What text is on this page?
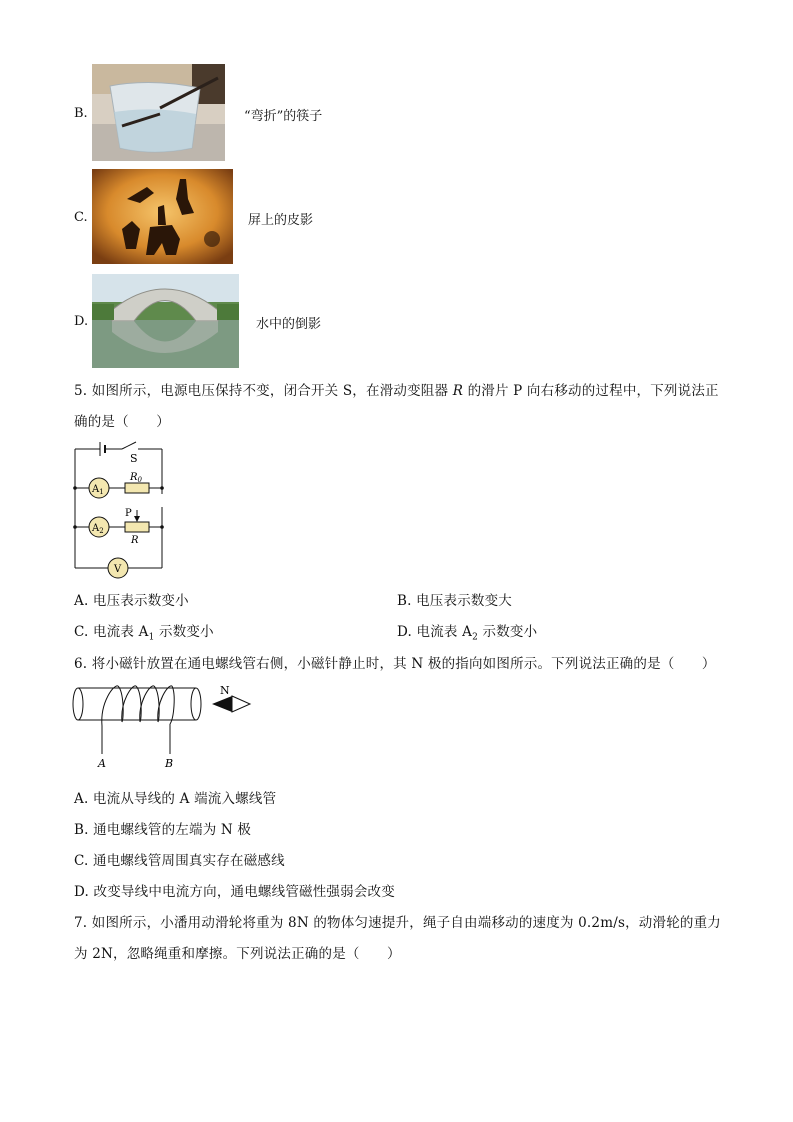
B.	“弯折”的筷子
C.	屏上的皮影
D.	水中的倒影
5. 如图所示，电源电压保持不变，闭合开关 S，在滑动变阻器 R 的滑片 P 向右移动的过程中，下列说法正
确的是（　　）
S
$A_1$
$A_2$
V
$R_0$
P
R
A. 电压表示数变小	B. 电压表示数变大
C. 电流表 $A_1$ 示数变小	D. 电流表 $A_2$ 示数变小
6. 将小磁针放置在通电螺线管右侧，小磁针静止时，其 N 极的指向如图所示。下列说法正确的是（　　）
N
A	B
A. 电流从导线的 A 端流入螺线管
B. 通电螺线管的左端为 N 极
C. 通电螺线管周围真实存在磁感线
D. 改变导线中电流方向，通电螺线管磁性强弱会改变
7. 如图所示，小潘用动滑轮将重为 8N 的物体匀速提升，绳子自由端移动的速度为 0.2m/s，动滑轮的重力
为 2N，忽略绳重和摩擦。下列说法正确的是（　　）
